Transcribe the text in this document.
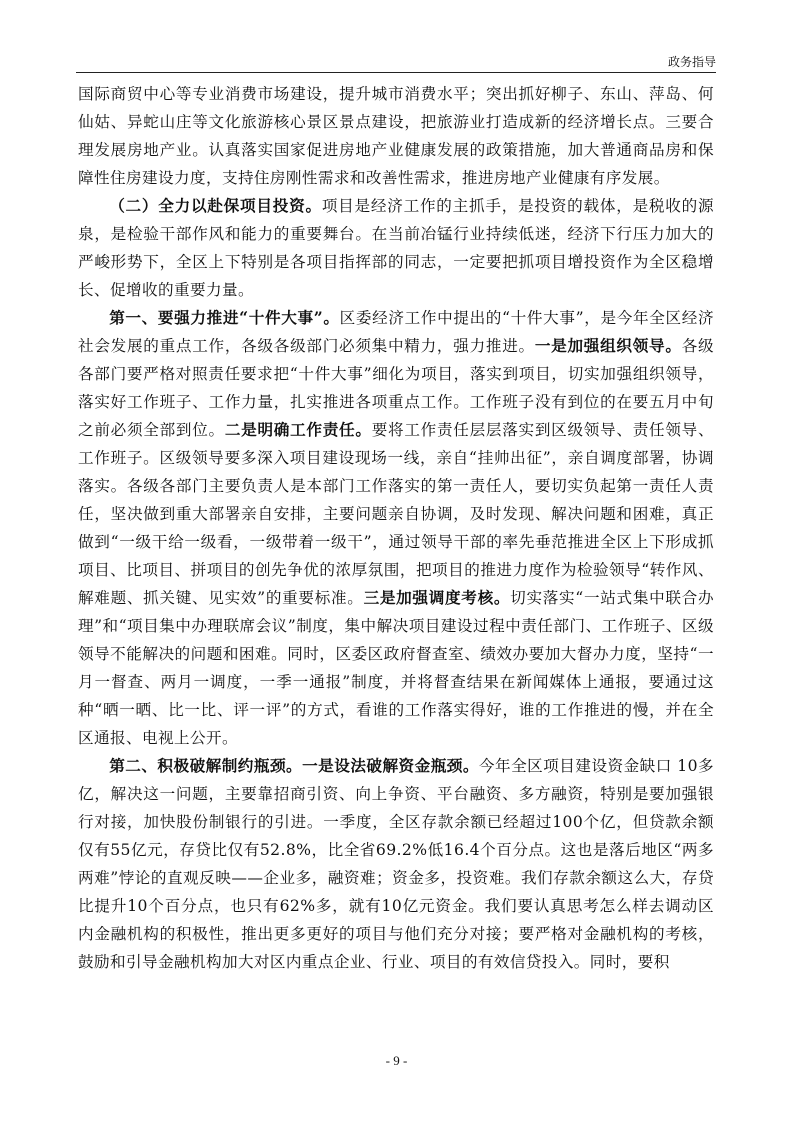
政务指导

国际商贸中心等专业消费市场建设，提升城市消费水平；突出抓好柳子、东山、萍岛、何仙姑、异蛇山庄等文化旅游核心景区景点建设，把旅游业打造成新的经济增长点。三要合理发展房地产业。认真落实国家促进房地产业健康发展的政策措施，加大普通商品房和保障性住房建设力度，支持住房刚性需求和改善性需求，推进房地产业健康有序发展。

（二）全力以赴保项目投资。项目是经济工作的主抓手，是投资的载体，是税收的源泉，是检验干部作风和能力的重要舞台。在当前冶锰行业持续低迷，经济下行压力加大的严峻形势下，全区上下特别是各项目指挥部的同志，一定要把抓项目增投资作为全区稳增长、促增收的重要力量。

第一、要强力推进“十件大事”。区委经济工作中提出的“十件大事”，是今年全区经济社会发展的重点工作，各级各级部门必须集中精力，强力推进。一是加强组织领导。各级各部门要严格对照责任要求把“十件大事”细化为项目，落实到项目，切实加强组织领导，落实好工作班子、工作力量，扎实推进各项重点工作。工作班子没有到位的在要五月中旬之前必须全部到位。二是明确工作责任。要将工作责任层层落实到区级领导、责任领导、工作班子。区级领导要多深入项目建设现场一线，亲自“挂帅出征”，亲自调度部署，协调落实。各级各部门主要负责人是本部门工作落实的第一责任人，要切实负起第一责任人责任，坚决做到重大部署亲自安排，主要问题亲自协调，及时发现、解决问题和困难，真正做到“一级干给一级看，一级带着一级干”，通过领导干部的率先垂范推进全区上下形成抓项目、比项目、拼项目的创先争优的浓厚氛围，把项目的推进力度作为检验领导“转作风、解难题、抓关键、见实效”的重要标准。三是加强调度考核。切实落实“一站式集中联合办理”和“项目集中办理联席会议”制度，集中解决项目建设过程中责任部门、工作班子、区级领导不能解决的问题和困难。同时，区委区政府督查室、绩效办要加大督办力度，坚持“一月一督查、两月一调度，一季一通报”制度，并将督查结果在新闻媒体上通报，要通过这种“晒一晒、比一比、评一评”的方式，看谁的工作落实得好，谁的工作推进的慢，并在全区通报、电视上公开。

第二、积极破解制约瓶颈。一是设法破解资金瓶颈。今年全区项目建设资金缺口 10多亿，解决这一问题，主要靠招商引资、向上争资、平台融资、多方融资，特别是要加强银行对接，加快股份制银行的引进。一季度，全区存款余额已经超过100个亿，但贷款余额仅有55亿元，存贷比仅有52.8%，比全省69.2%低16.4个百分点。这也是落后地区“两多两难”悖论的直观反映——企业多，融资难；资金多，投资难。我们存款余额这么大，存贷比提升10个百分点，也只有62%多，就有10亿元资金。我们要认真思考怎么样去调动区内金融机构的积极性，推出更多更好的项目与他们充分对接；要严格对金融机构的考核，鼓励和引导金融机构加大对区内重点企业、行业、项目的有效信贷投入。同时，要积

- 9 -
